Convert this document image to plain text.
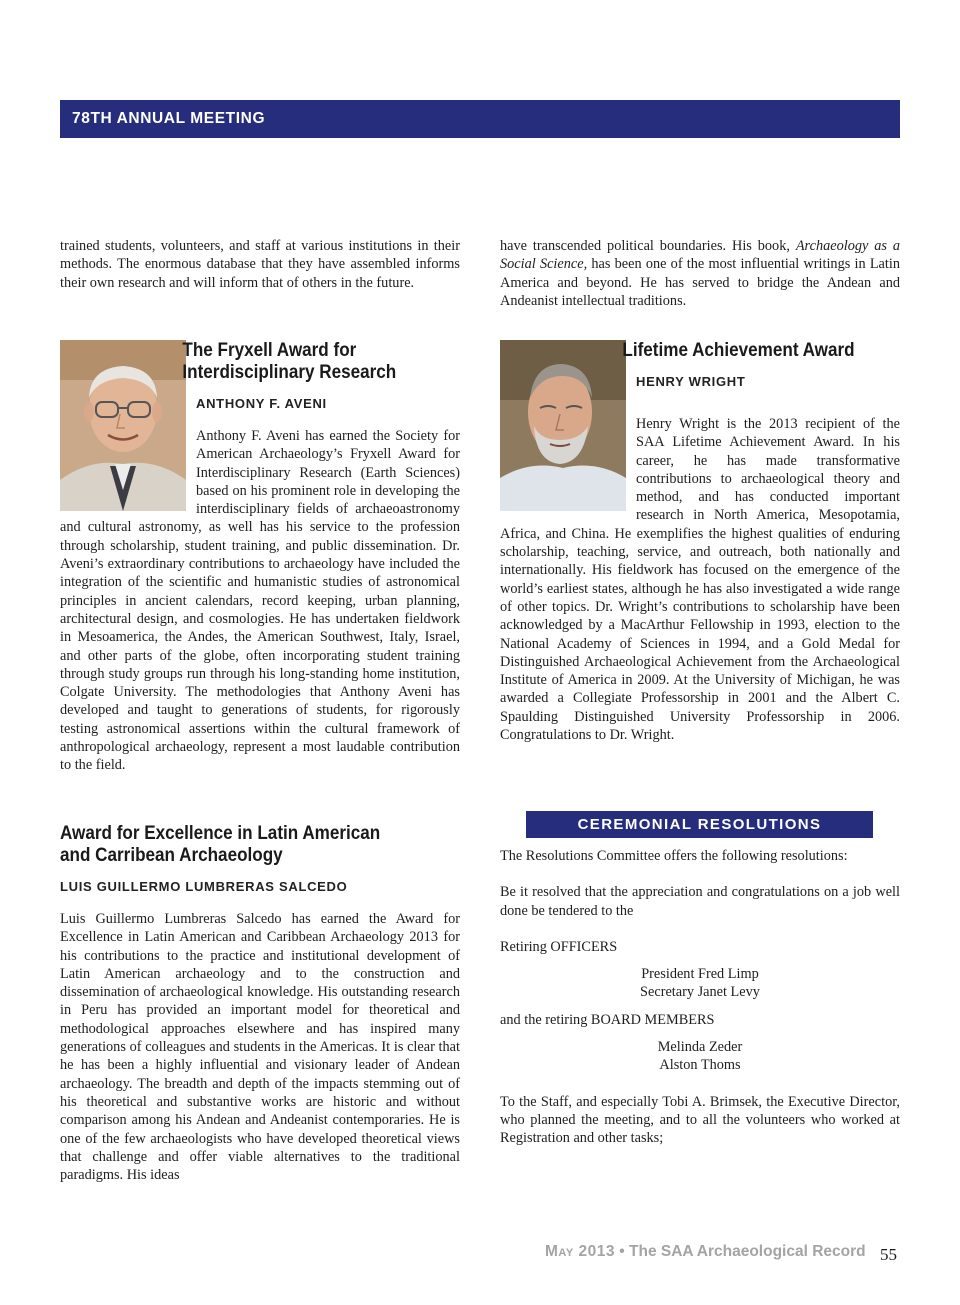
78TH ANNUAL MEETING

trained students, volunteers, and staff at various institutions in their methods. The enormous database that they have assembled informs their own research and will inform that of others in the future.

The Fryxell Award for
Interdisciplinary Research
ANTHONY F. AVENI

Anthony F. Aveni has earned the Society for American Archaeology’s Fryxell Award for Interdisciplinary Research (Earth Sciences) based on his prominent role in developing the interdisciplinary fields of archaeoastronomy and cultural astronomy, as well has his service to the profession through scholarship, student training, and public dissemination. Dr. Aveni’s extraordinary contributions to archaeology have included the integration of the scientific and humanistic studies of astronomical principles in ancient calendars, record keeping, urban planning, architectural design, and cosmologies. He has undertaken fieldwork in Mesoamerica, the Andes, the American Southwest, Italy, Israel, and other parts of the globe, often incorporating student training through study groups run through his long-standing home institution, Colgate University. The methodologies that Anthony Aveni has developed and taught to generations of students, for rigorously testing astronomical assertions within the cultural framework of anthropological archaeology, represent a most laudable contribution to the field.

Award for Excellence in Latin American
and Carribean Archaeology
LUIS GUILLERMO LUMBRERAS SALCEDO

Luis Guillermo Lumbreras Salcedo has earned the Award for Excellence in Latin American and Caribbean Archaeology 2013 for his contributions to the practice and institutional development of Latin American archaeology and to the construction and dissemination of archaeological knowledge. His outstanding research in Peru has provided an important model for theoretical and methodological approaches elsewhere and has inspired many generations of colleagues and students in the Americas. It is clear that he has been a highly influential and visionary leader of Andean archaeology. The breadth and depth of the impacts stemming out of his theoretical and substantive works are historic and without comparison among his Andean and Andeanist contemporaries. He is one of the few archaeologists who have developed theoretical views that challenge and offer viable alternatives to the traditional paradigms. His ideas

have transcended political boundaries. His book, Archaeology as a Social Science, has been one of the most influential writings in Latin America and beyond. He has served to bridge the Andean and Andeanist intellectual traditions.

Lifetime Achievement Award
HENRY WRIGHT

Henry Wright is the 2013 recipient of the SAA Lifetime Achievement Award. In his career, he has made transformative contributions to archaeological theory and method, and has conducted important research in North America, Mesopotamia, Africa, and China. He exemplifies the highest qualities of enduring scholarship, teaching, service, and outreach, both nationally and internationally. His fieldwork has focused on the emergence of the world’s earliest states, although he has also investigated a wide range of other topics. Dr. Wright’s contributions to scholarship have been acknowledged by a MacArthur Fellowship in 1993, election to the National Academy of Sciences in 1994, and a Gold Medal for Distinguished Archaeological Achievement from the Archaeological Institute of America in 2009. At the University of Michigan, he was awarded a Collegiate Professorship in 2001 and the Albert C. Spaulding Distinguished University Professorship in 2006. Congratulations to Dr. Wright.

CEREMONIAL RESOLUTIONS

The Resolutions Committee offers the following resolutions:

Be it resolved that the appreciation and congratulations on a job well done be tendered to the

Retiring OFFICERS

President Fred Limp

Secretary Janet Levy

and the retiring BOARD MEMBERS

Melinda Zeder

Alston Thoms

To the Staff, and especially Tobi A. Brimsek, the Executive Director, who planned the meeting, and to all the volunteers who worked at Registration and other tasks;

May 2013 • The SAA Archaeological Record 55
